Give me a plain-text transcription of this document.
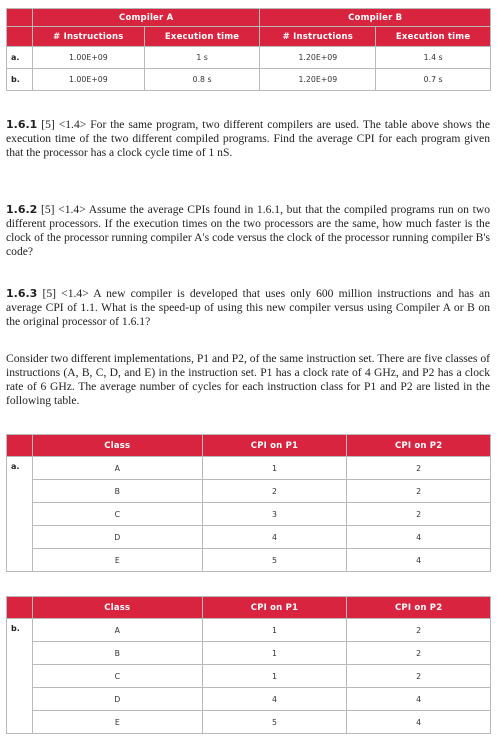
	Compiler A		Compiler B	
	# Instructions	Execution time	# Instructions	Execution time
a.	1.00E+09	1 s	1.20E+09	1.4 s
b.	1.00E+09	0.8 s	1.20E+09	0.7 s
1.6.1 [5] <1.4> For the same program, two different compilers are used. The table above shows the execution time of the two different compiled programs. Find the average CPI for each program given that the processor has a clock cycle time of 1 nS.
1.6.2 [5] <1.4> Assume the average CPIs found in 1.6.1, but that the compiled programs run on two different processors. If the execution times on the two processors are the same, how much faster is the clock of the processor running compiler A's code versus the clock of the processor running compiler B's code?
1.6.3 [5] <1.4> A new compiler is developed that uses only 600 million instructions and has an average CPI of 1.1. What is the speed-up of using this new compiler versus using Compiler A or B on the original processor of 1.6.1?
Consider two different implementations, P1 and P2, of the same instruction set. There are five classes of instructions (A, B, C, D, and E) in the instruction set. P1 has a clock rate of 4 GHz, and P2 has a clock rate of 6 GHz. The average number of cycles for each instruction class for P1 and P2 are listed in the following table.
	Class	CPI on P1	CPI on P2
a.	A	1	2
	B	2	2
	C	3	2
	D	4	4
	E	5	4
	Class	CPI on P1	CPI on P2
b.	A	1	2
	B	1	2
	C	1	2
	D	4	4
	E	5	4
